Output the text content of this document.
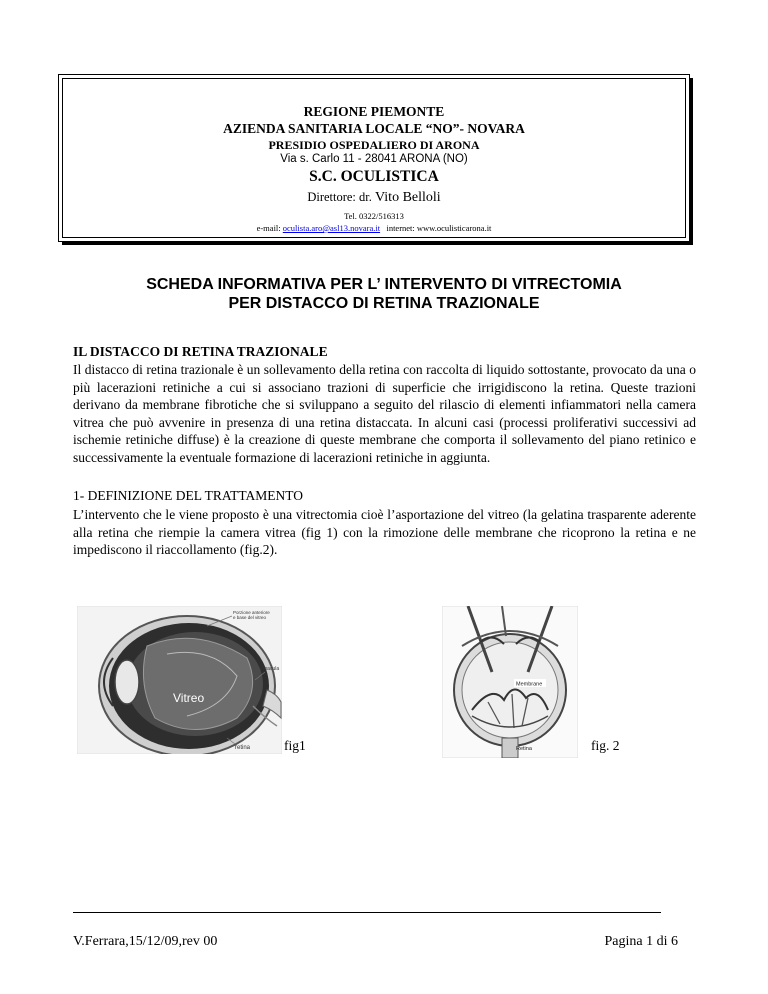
REGIONE PIEMONTE
AZIENDA SANITARIA LOCALE “NO”- NOVARA
PRESIDIO OSPEDALIERO DI ARONA
Via s. Carlo 11 - 28041 ARONA (NO)
S.C. OCULISTICA
Direttore: dr. Vito Belloli
Tel. 0322/516313
e-mail: oculista.aro@asl13.novara.it   internet: www.oculisticarona.it
SCHEDA INFORMATIVA PER L’ INTERVENTO DI VITRECTOMIA
PER DISTACCO DI RETINA TRAZIONALE
IL DISTACCO DI RETINA TRAZIONALE
Il distacco di retina trazionale è un sollevamento della retina con raccolta di liquido sottostante, provocato da una o più lacerazioni retiniche a cui si associano trazioni di superficie che irrigidiscono la retina. Queste trazioni derivano da membrane fibrotiche che si sviluppano a seguito del rilascio di elementi infiammatori nella camera vitrea che può avvenire in presenza di una retina distaccata. In alcuni casi (processi proliferativi successivi ad ischemie retiniche diffuse) è la creazione di queste membrane che comporta il sollevamento del piano retinico e successivamente la eventuale formazione di lacerazioni retiniche in aggiunta.
1- DEFINIZIONE DEL TRATTAMENTO
L’intervento che le viene proposto è una vitrectomia cioè l’asportazione del vitreo (la gelatina trasparente aderente alla retina che riempie la camera vitrea (fig 1) con la rimozione delle membrane che ricoprono la retina e ne impediscono il riaccollamento (fig.2).
Porzione anteriore
e base del vitreo
macula
Vitreo
retina	fig1
Membrane
Retina	fig. 2
V.Ferrara,15/12/09,rev 00	Pagina 1 di 6
